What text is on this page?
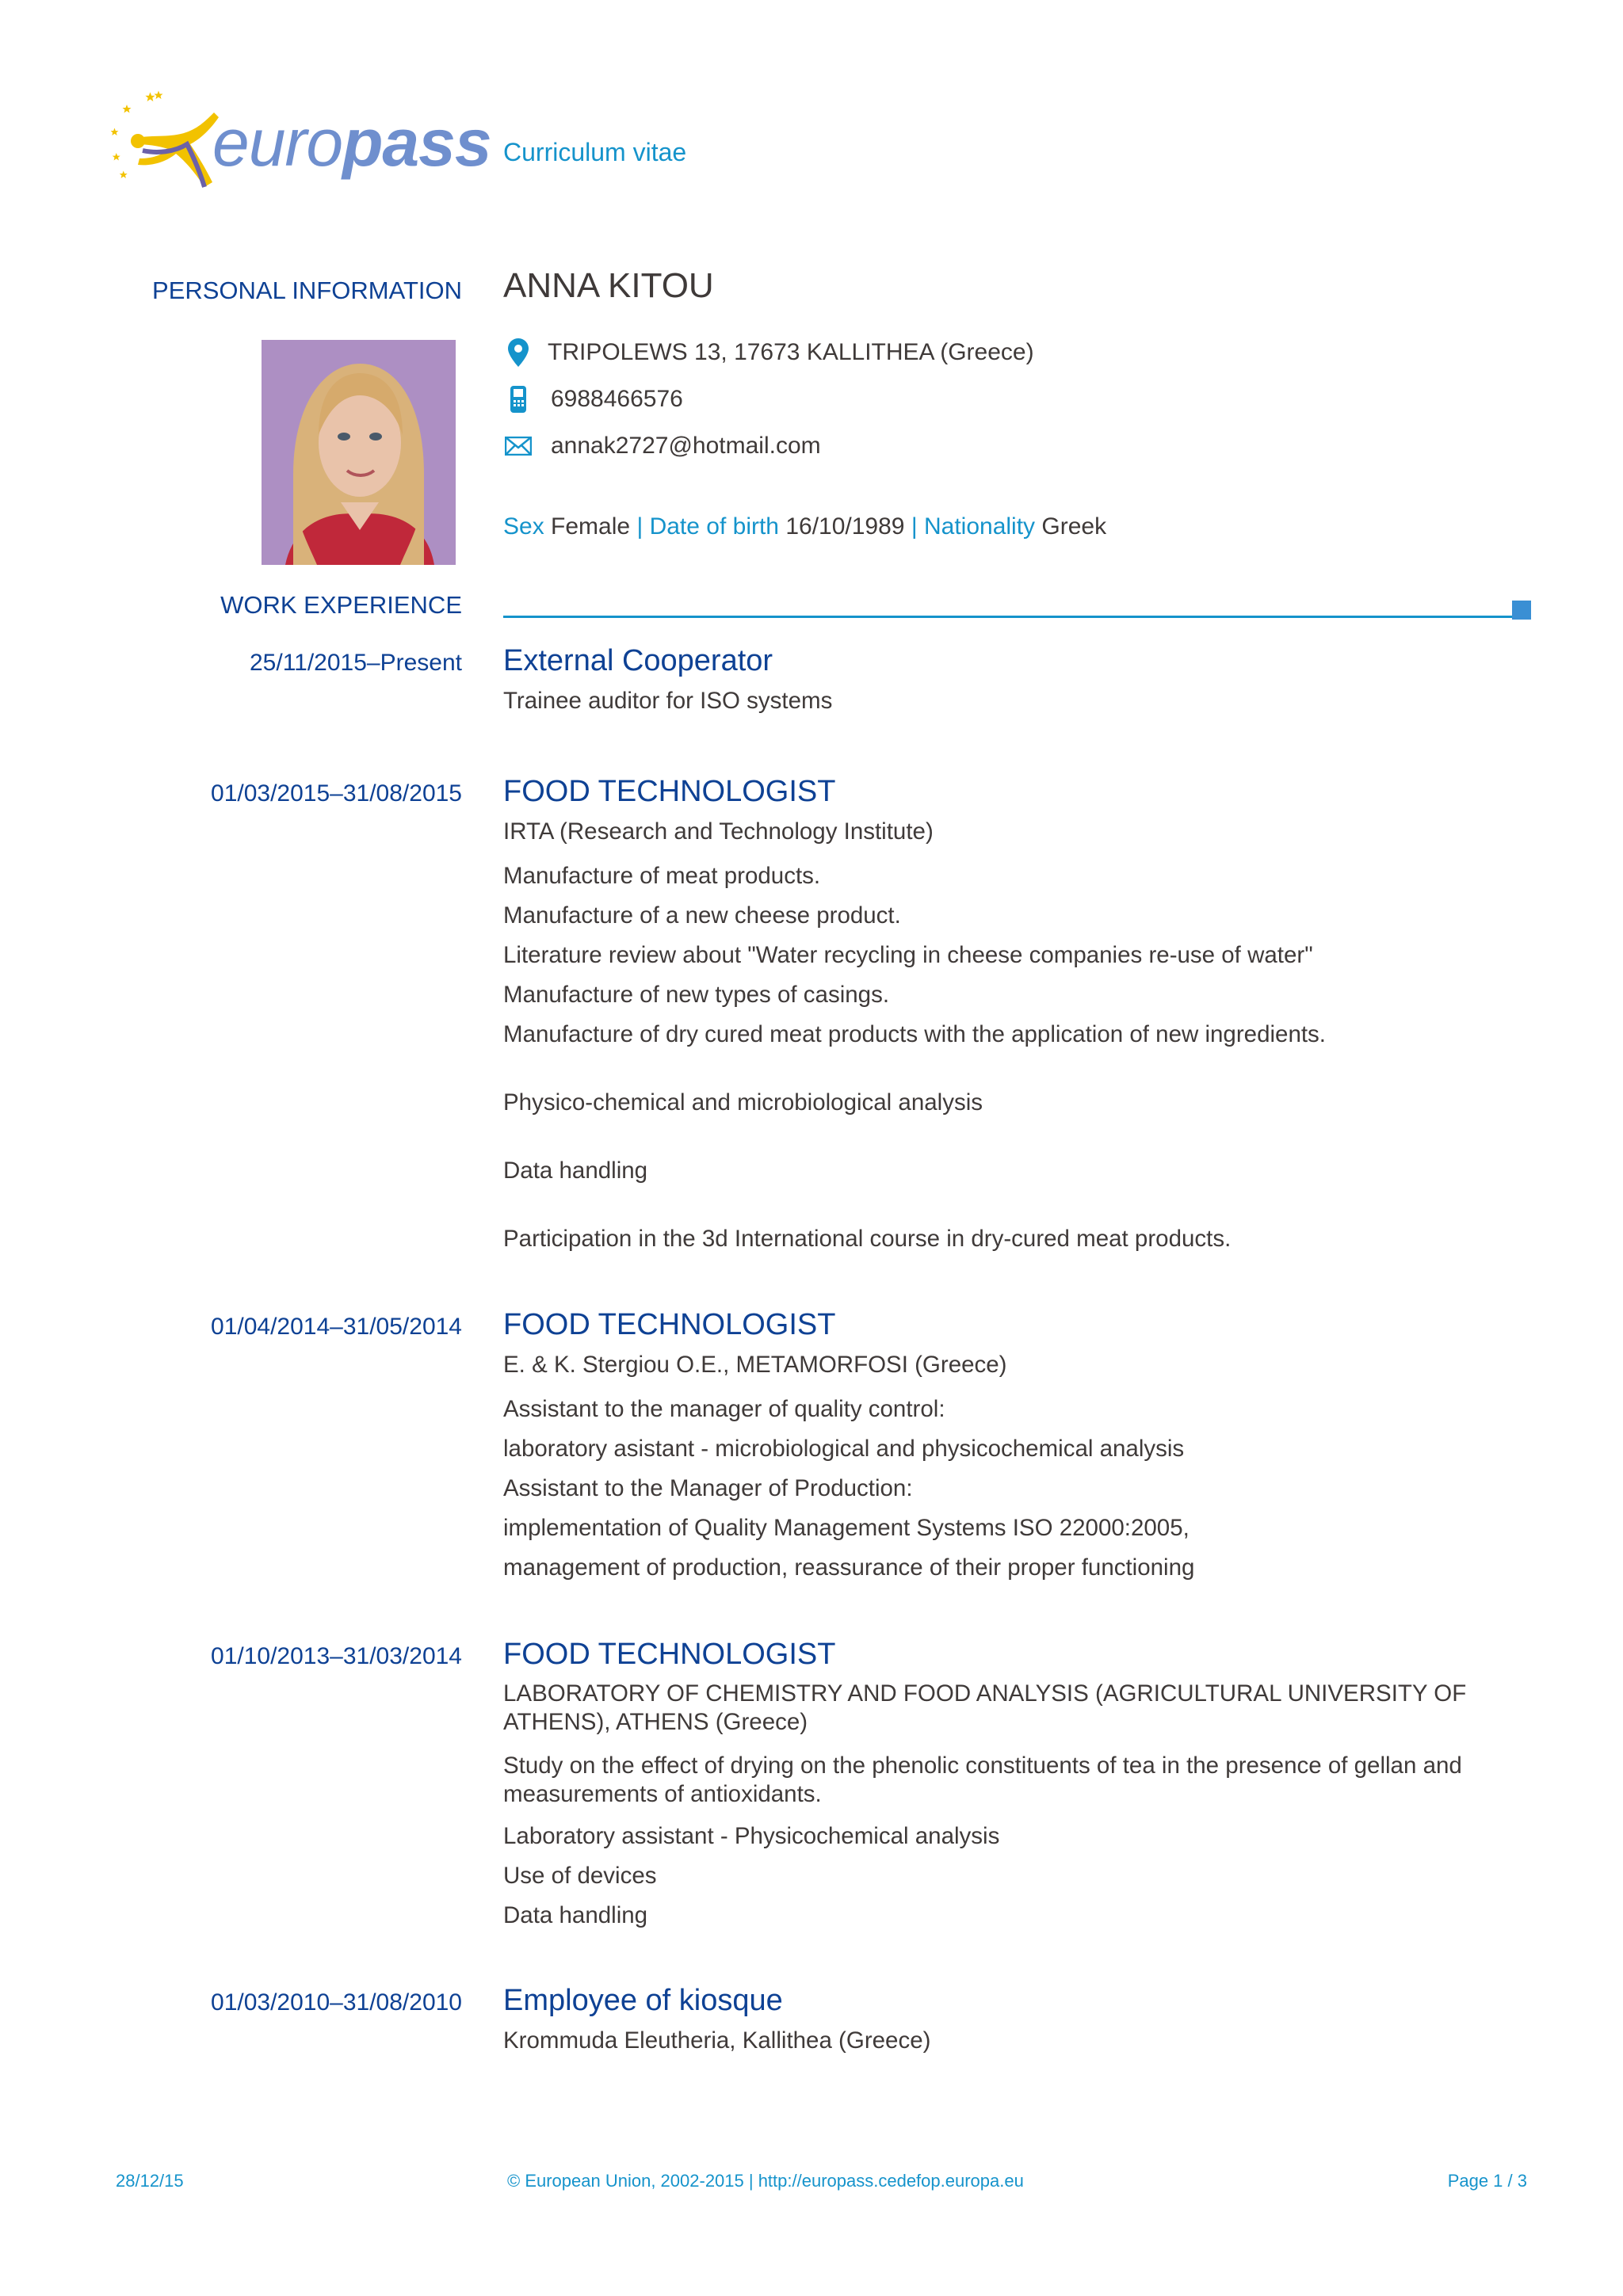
europass Curriculum vitae
PERSONAL INFORMATION ANNA KITOU
TRIPOLEWS 13, 17673 KALLITHEA (Greece)
6988466576
annak2727@hotmail.com
Sex Female | Date of birth 16/10/1989 | Nationality Greek
WORK EXPERIENCE
25/11/2015–Present External Cooperator
Trainee auditor for ISO systems
01/03/2015–31/08/2015 FOOD TECHNOLOGIST
IRTA (Research and Technology Institute)
Manufacture of meat products.
Manufacture of a new cheese product.
Literature review about "Water recycling in cheese companies re-use of water"
Manufacture of new types of casings.
Manufacture of dry cured meat products with the application of new ingredients.
Physico-chemical and microbiological analysis
Data handling
Participation in the 3d International course in dry-cured meat products.
01/04/2014–31/05/2014 FOOD TECHNOLOGIST
E. & K. Stergiou O.E., METAMORFOSI (Greece)
Assistant to the manager of quality control:
laboratory asistant - microbiological and physicochemical analysis
Assistant to the Manager of Production:
implementation of Quality Management Systems ISO 22000:2005,
management of production, reassurance of their proper functioning
01/10/2013–31/03/2014 FOOD TECHNOLOGIST
LABORATORY OF CHEMISTRY AND FOOD ANALYSIS (AGRICULTURAL UNIVERSITY OF ATHENS), ATHENS (Greece)
Study on the effect of drying on the phenolic constituents of tea in the presence of gellan and measurements of antioxidants.
Laboratory assistant - Physicochemical analysis
Use of devices
Data handling
01/03/2010–31/08/2010 Employee of kiosque
Krommuda Eleutheria, Kallithea (Greece)
28/12/15	© European Union, 2002-2015 | http://europass.cedefop.europa.eu	Page 1 / 3
